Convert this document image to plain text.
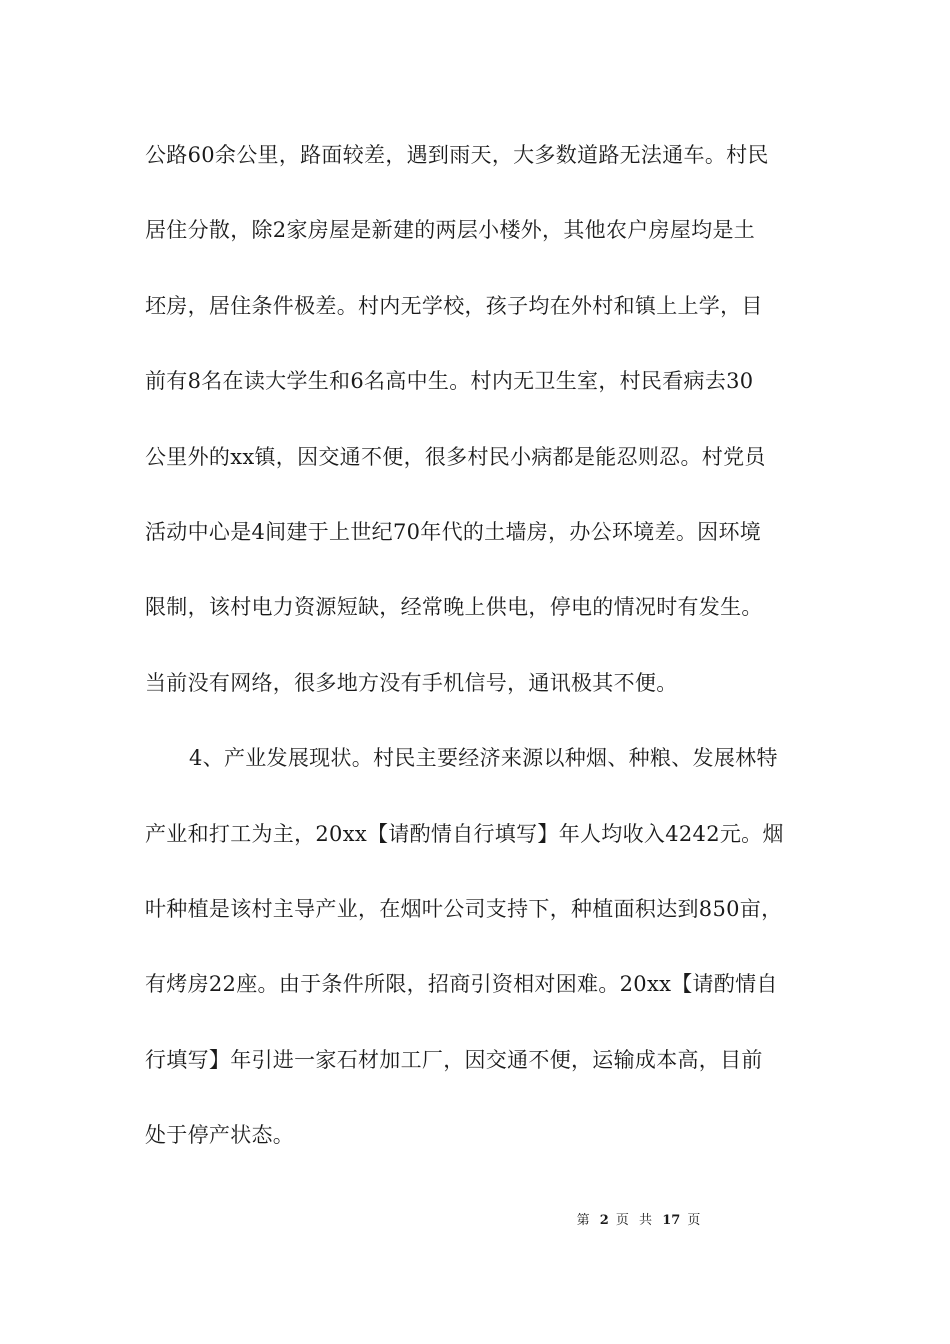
公路60余公里，路面较差，遇到雨天，大多数道路无法通车。村民
居住分散，除2家房屋是新建的两层小楼外，其他农户房屋均是土
坯房，居住条件极差。村内无学校，孩子均在外村和镇上上学，目
前有8名在读大学生和6名高中生。村内无卫生室，村民看病去30
公里外的xx镇，因交通不便，很多村民小病都是能忍则忍。村党员
活动中心是4间建于上世纪70年代的土墙房，办公环境差。因环境
限制，该村电力资源短缺，经常晚上供电，停电的情况时有发生。
当前没有网络，很多地方没有手机信号，通讯极其不便。
4、产业发展现状。村民主要经济来源以种烟、种粮、发展林特
产业和打工为主，20xx【请酌情自行填写】年人均收入4242元。烟
叶种植是该村主导产业，在烟叶公司支持下，种植面积达到850亩，
有烤房22座。由于条件所限，招商引资相对困难。20xx【请酌情自
行填写】年引进一家石材加工厂，因交通不便，运输成本高，目前
处于停产状态。
第 2 页 共 17 页
